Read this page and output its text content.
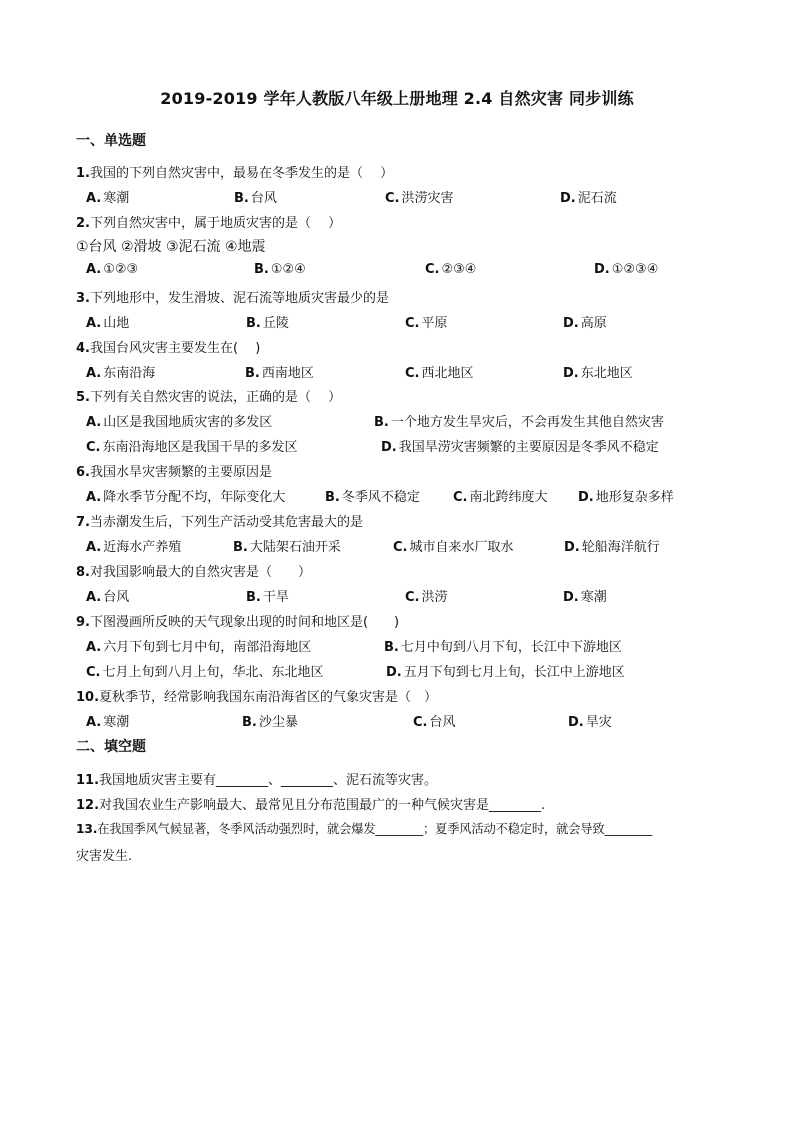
2019-2019 学年人教版八年级上册地理 2.4 自然灾害 同步训练
一、单选题
1.我国的下列自然灾害中，最易在冬季发生的是（　 ）
A. 寒潮	B. 台风	C. 洪涝灾害	D. 泥石流
2.下列自然灾害中，属于地质灾害的是（　 ）
①台风 ②滑坡 ③泥石流 ④地震
A. ①②③	B. ①②④	C. ②③④	D. ①②③④
3.下列地形中，发生滑坡、泥石流等地质灾害最少的是
A. 山地	B. 丘陵	C. 平原	D. 高原
4.我国台风灾害主要发生在(　 )
A. 东南沿海	B. 西南地区	C. 西北地区	D. 东北地区
5.下列有关自然灾害的说法，正确的是（　 ）
A. 山区是我国地质灾害的多发区	B. 一个地方发生旱灾后，不会再发生其他自然灾害
C. 东南沿海地区是我国干旱的多发区	D. 我国旱涝灾害频繁的主要原因是冬季风不稳定
6.我国水旱灾害频繁的主要原因是
A. 降水季节分配不均，年际变化大	B. 冬季风不稳定	C. 南北跨纬度大 D. 地形复杂多样
7.当赤潮发生后，下列生产活动受其危害最大的是
A. 近海水产养殖	B. 大陆架石油开采	C. 城市自来水厂取水	D. 轮船海洋航行
8.对我国影响最大的自然灾害是（　　）
A. 台风	B. 干旱	C. 洪涝	D. 寒潮
9.下图漫画所反映的天气现象出现的时间和地区是(　　)
A. 六月下旬到七月中旬，南部沿海地区	B. 七月中旬到八月下旬，长江中下游地区
C. 七月上旬到八月上旬，华北、东北地区	D. 五月下旬到七月上旬，长江中上游地区
10.夏秋季节，经常影响我国东南沿海省区的气象灾害是（　）
A. 寒潮	B. 沙尘暴	C. 台风	D. 旱灾
二、填空题
11.我国地质灾害主要有________、________、泥石流等灾害。
12.对我国农业生产影响最大、最常见且分布范围最广的一种气候灾害是________.
13.在我国季风气候显著，冬季风活动强烈时，就会爆发________；夏季风活动不稳定时，就会导致________
灾害发生.
